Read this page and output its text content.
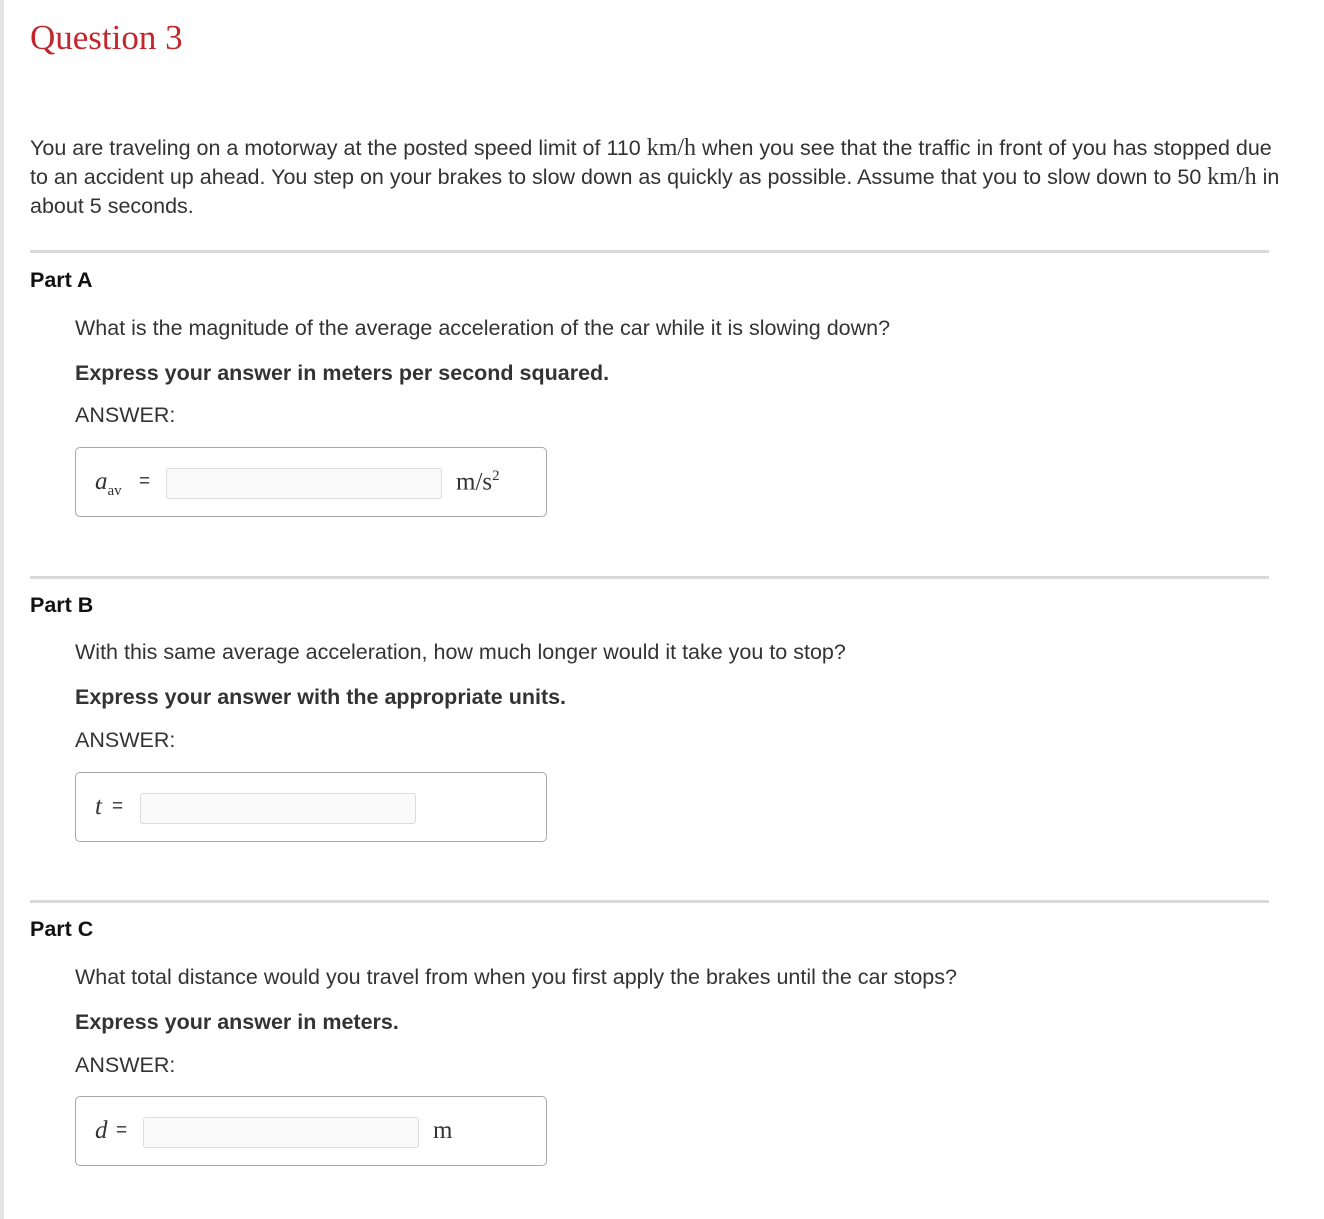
Question 3

You are traveling on a motorway at the posted speed limit of 110 km/h when you see that the traffic in front of you has stopped due to an accident up ahead. You step on your brakes to slow down as quickly as possible. Assume that you to slow down to 50 km/h in about 5 seconds.

Part A

What is the magnitude of the average acceleration of the car while it is slowing down?

Express your answer in meters per second squared.

ANSWER:

$a_{av}$ =	$m/s^2$
Part B

With this same average acceleration, how much longer would it take you to stop?

Express your answer with the appropriate units.

ANSWER:

t =
Part C

What total distance would you travel from when you first apply the brakes until the car stops?

Express your answer in meters.

ANSWER:

d =	m
